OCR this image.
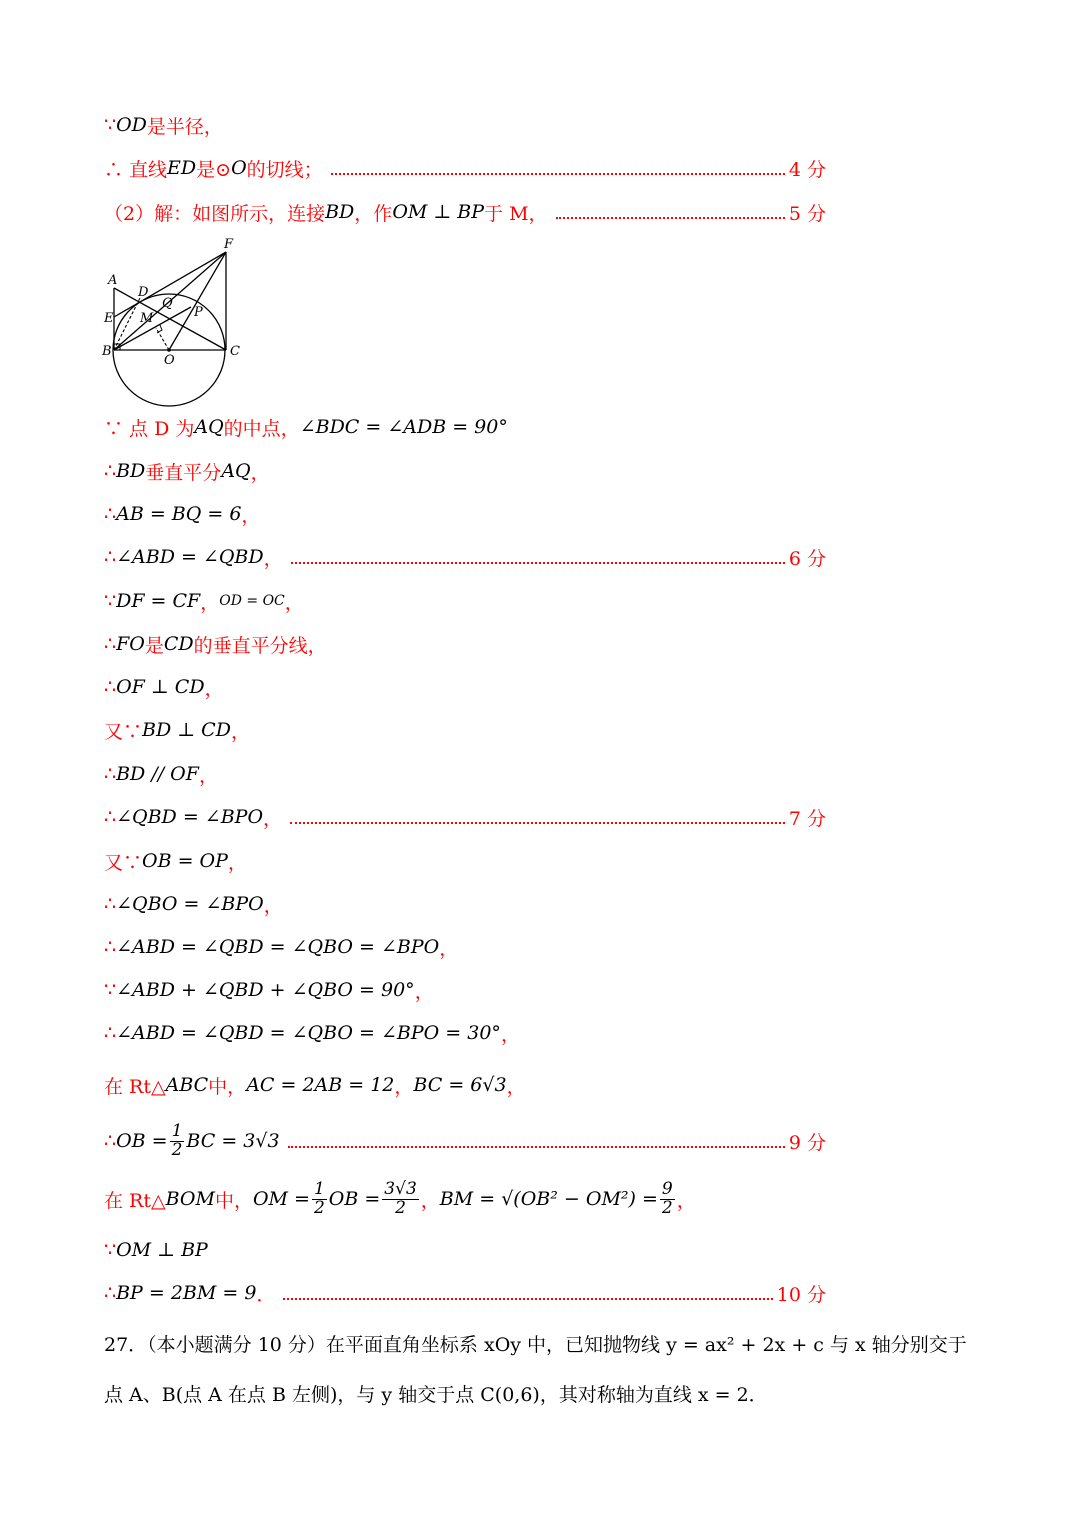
∵ OD 是半径，
∴ 直线 ED 是⊙ O 的切线；	4 分
（2）解：如图所示，连接 BD ，作 OM ⊥ BP 于 M，	5 分
∵ 点 D 为 AQ 的中点， ∠BDC = ∠ADB = 90°
∴ BD 垂直平分 AQ ，
∴ AB = BQ = 6 ，
∴ ∠ABD = ∠QBD ，	6 分
∵ DF = CF ， OD = OC ，
∴ FO 是 CD 的垂直平分线，
∴ OF ⊥ CD ，
又∵ BD ⊥ CD ，
∴ BD // OF ，
∴ ∠QBD = ∠BPO ，	7 分
又∵ OB = OP ，
∴ ∠QBO = ∠BPO ，
∴ ∠ABD = ∠QBD = ∠QBO = ∠BPO ，
∵ ∠ABD + ∠QBD + ∠QBO = 90° ，
∴ ∠ABD = ∠QBD = ∠QBO = ∠BPO = 30° ，
在 Rt△ ABC 中， AC = 2AB = 12 ， BC = 6√3 ，
∴ OB = $\frac{1}{2}$ BC = 3√3	9 分
在 Rt△ BOM 中， OM = $\frac{1}{2}$ OB = $\frac{3√3}{2}$ ， BM = $√(OB^2 - OM^2) = \frac{9}{2}$ ，
∵ OM ⊥ BP
∴ BP = 2BM = 9 ．	10 分
27．（本小题满分 10 分）在平面直角坐标系 xOy 中，已知抛物线 y = ax² + 2x + c 与 x 轴分别交于
点 A、B(点 A 在点 B 左侧)，与 y 轴交于点 C(0,6)，其对称轴为直线 x = 2．
A
D
Q
F
E M	P
B
O
C
